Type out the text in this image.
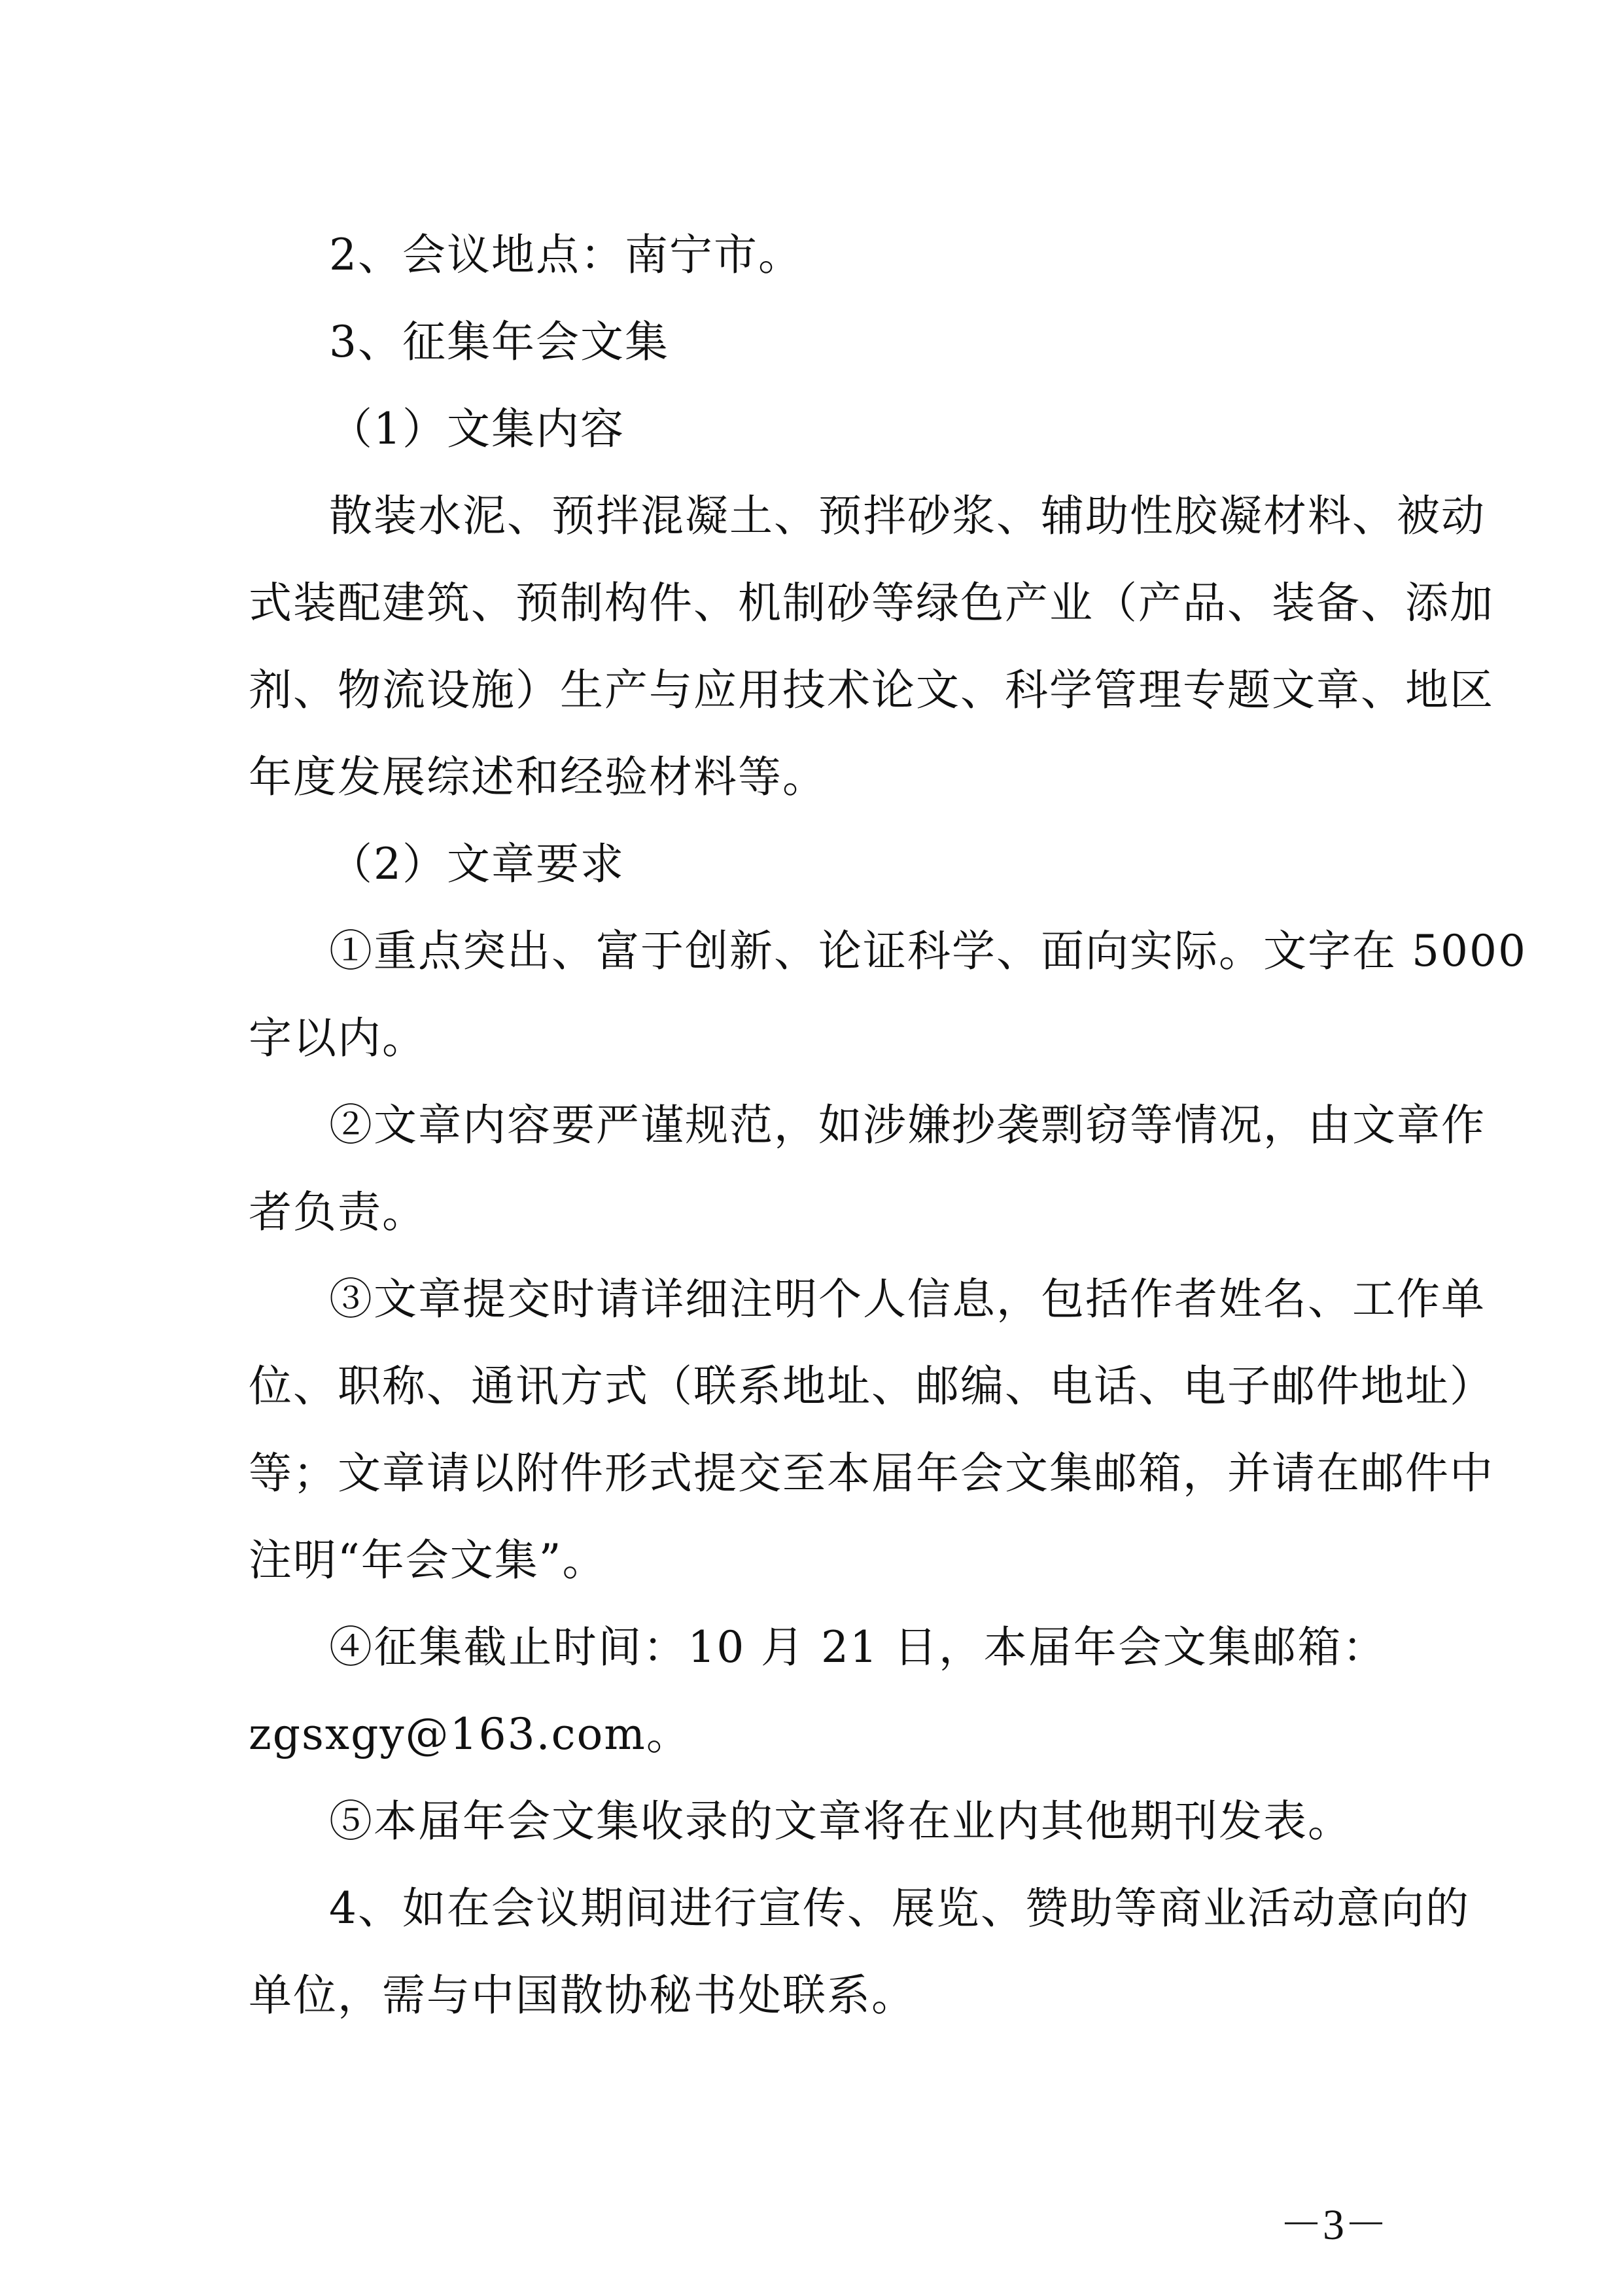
2、会议地点：南宁市。
3、征集年会文集
（1）文集内容
散装水泥、预拌混凝土、预拌砂浆、辅助性胶凝材料、被动
式装配建筑、预制构件、机制砂等绿色产业（产品、装备、添加
剂、物流设施）生产与应用技术论文、科学管理专题文章、地区
年度发展综述和经验材料等。
（2）文章要求
①重点突出、富于创新、论证科学、面向实际。文字在 5000
字以内。
②文章内容要严谨规范，如涉嫌抄袭剽窃等情况，由文章作
者负责。
③文章提交时请详细注明个人信息，包括作者姓名、工作单
位、职称、通讯方式（联系地址、邮编、电话、电子邮件地址）
等；文章请以附件形式提交至本届年会文集邮箱，并请在邮件中
注明“年会文集”。
④征集截止时间：10 月 21 日，本届年会文集邮箱：
zgsxgy@163.com。
⑤本届年会文集收录的文章将在业内其他期刊发表。
4、如在会议期间进行宣传、展览、赞助等商业活动意向的
单位，需与中国散协秘书处联系。
－3－
